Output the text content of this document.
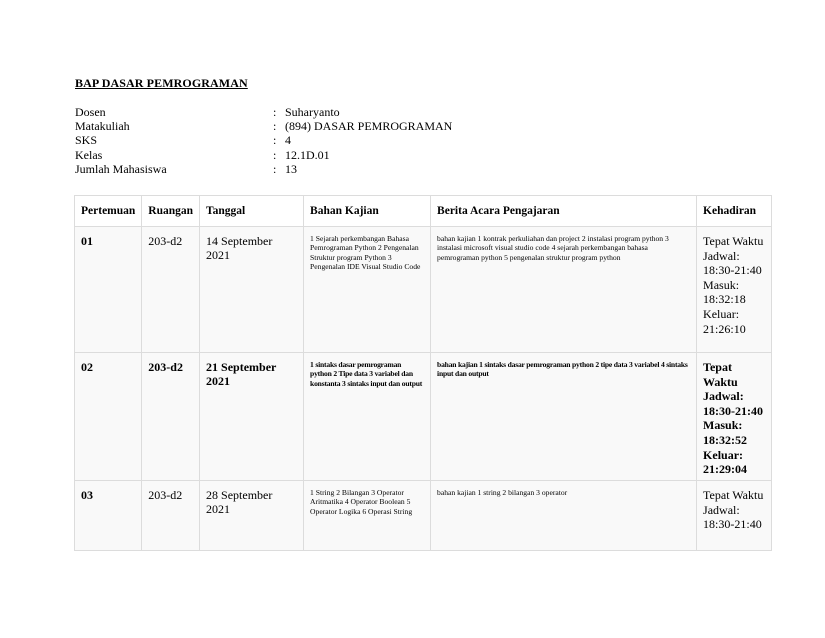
BAP DASAR PEMROGRAMAN
Dosen	: Suharyanto
Matakuliah	: (894) DASAR PEMROGRAMAN
SKS	: 4
Kelas	: 12.1D.01
Jumlah Mahasiswa	: 13
Pertemuan	Ruangan	Tanggal	Bahan Kajian	Berita Acara Pengajaran	Kehadiran
01	203-d2	14 September 2021	1 Sejarah perkembangan Bahasa Pemrograman Python 2 Pengenalan Struktur program Python 3 Pengenalan IDE Visual Studio Code	bahan kajian 1 kontrak perkuliahan dan project 2 instalasi program python 3 instalasi microsoft visual studio code 4 sejarah perkembangan bahasa pemrograman python 5 pengenalan struktur program python	Tepat Waktu Jadwal: 18:30-21:40 Masuk: 18:32:18 Keluar: 21:26:10
02	203-d2	21 September 2021	1 sintaks dasar pemrograman python 2 Tipe data 3 variabel dan konstanta 3 sintaks input dan output	bahan kajian 1 sintaks dasar pemrograman python 2 tipe data 3 variabel 4 sintaks input dan output	Tepat Waktu Jadwal: 18:30-21:40 Masuk: 18:32:52 Keluar: 21:29:04
03	203-d2	28 September 2021	1 String 2 Bilangan 3 Operator Aritmatika 4 Operator Boolean 5 Operator Logika 6 Operasi String	bahan kajian 1 string 2 bilangan 3 operator	Tepat Waktu Jadwal: 18:30-21:40
